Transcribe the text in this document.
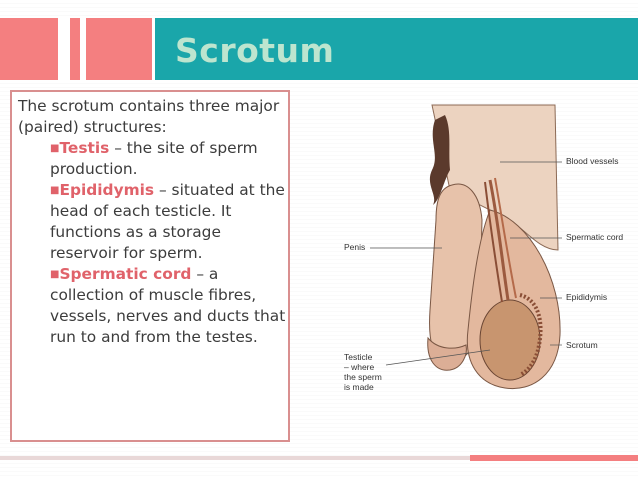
Scrotum

The scrotum contains three major (paired) structures:

■Testis – the site of sperm production.
■Epididymis – situated at the head of each testicle. It functions as a storage reservoir for sperm.
■Spermatic cord – a collection of muscle fibres, vessels, nerves and ducts that run to and from the testes.
Blood vessels
Spermatic cord
Penis
Epididymis
Scrotum
Testicle
– where
the sperm
is made
